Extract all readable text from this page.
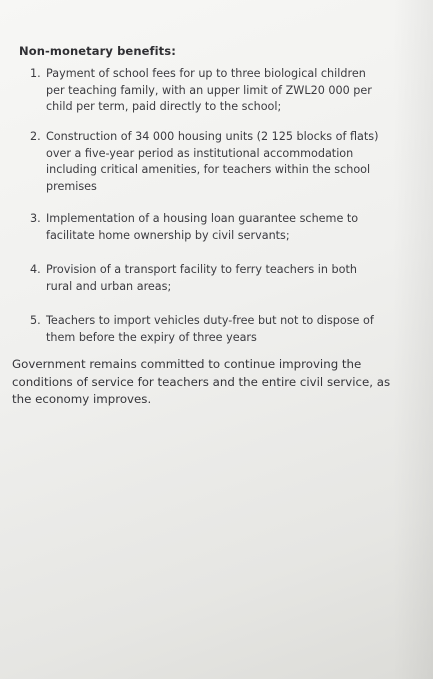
Non-monetary benefits:
1. Payment of school fees for up to three biological children
per teaching family, with an upper limit of ZWL20 000 per
child per term, paid directly to the school;
2. Construction of 34 000 housing units (2 125 blocks of flats)
over a five-year period as institutional accommodation
including critical amenities, for teachers within the school
premises
3. Implementation of a housing loan guarantee scheme to
facilitate home ownership by civil servants;
4. Provision of a transport facility to ferry teachers in both
rural and urban areas;
5. Teachers to import vehicles duty-free but not to dispose of
them before the expiry of three years
Government remains committed to continue improving the
conditions of service for teachers and the entire civil service, as
the economy improves.
